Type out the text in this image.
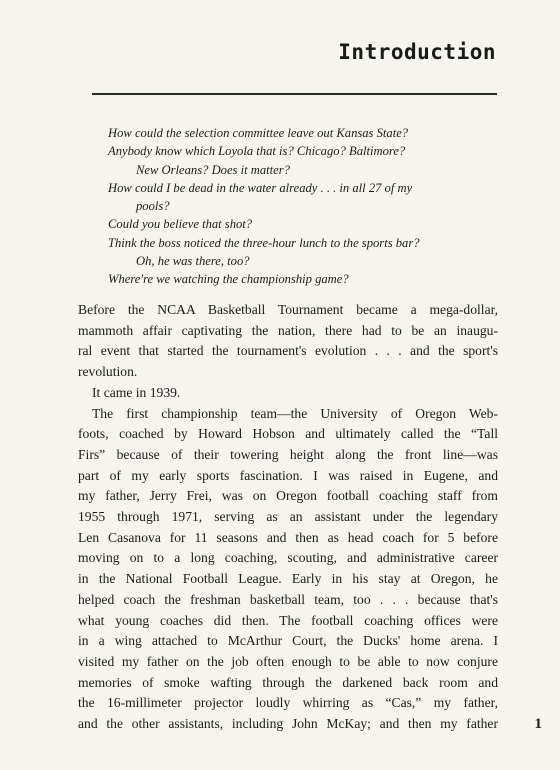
Introduction

How could the selection committee leave out Kansas State?

Anybody know which Loyola that is? Chicago? Baltimore?

New Orleans? Does it matter?

How could I be dead in the water already . . . in all 27 of my

pools?

Could you believe that shot?

Think the boss noticed the three-hour lunch to the sports bar?

Oh, he was there, too?

Where're we watching the championship game?

Before the NCAA Basketball Tournament became a mega-dollar,
mammoth affair captivating the nation, there had to be an inaugu-
ral event that started the tournament's evolution . . . and the sport's
revolution.
It came in 1939.
The first championship team—the University of Oregon Web-
foots, coached by Howard Hobson and ultimately called the “Tall
Firs” because of their towering height along the front line—was
part of my early sports fascination. I was raised in Eugene, and
my father, Jerry Frei, was on Oregon football coaching staff from
1955 through 1971, serving as an assistant under the legendary
Len Casanova for 11 seasons and then as head coach for 5 before
moving on to a long coaching, scouting, and administrative career
in the National Football League. Early in his stay at Oregon, he
helped coach the freshman basketball team, too . . . because that's
what young coaches did then. The football coaching offices were
in a wing attached to McArthur Court, the Ducks' home arena. I
visited my father on the job often enough to be able to now conjure
memories of smoke wafting through the darkened back room and
the 16-millimeter projector loudly whirring as “Cas,” my father,
and the other assistants, including John McKay; and then my father 1
